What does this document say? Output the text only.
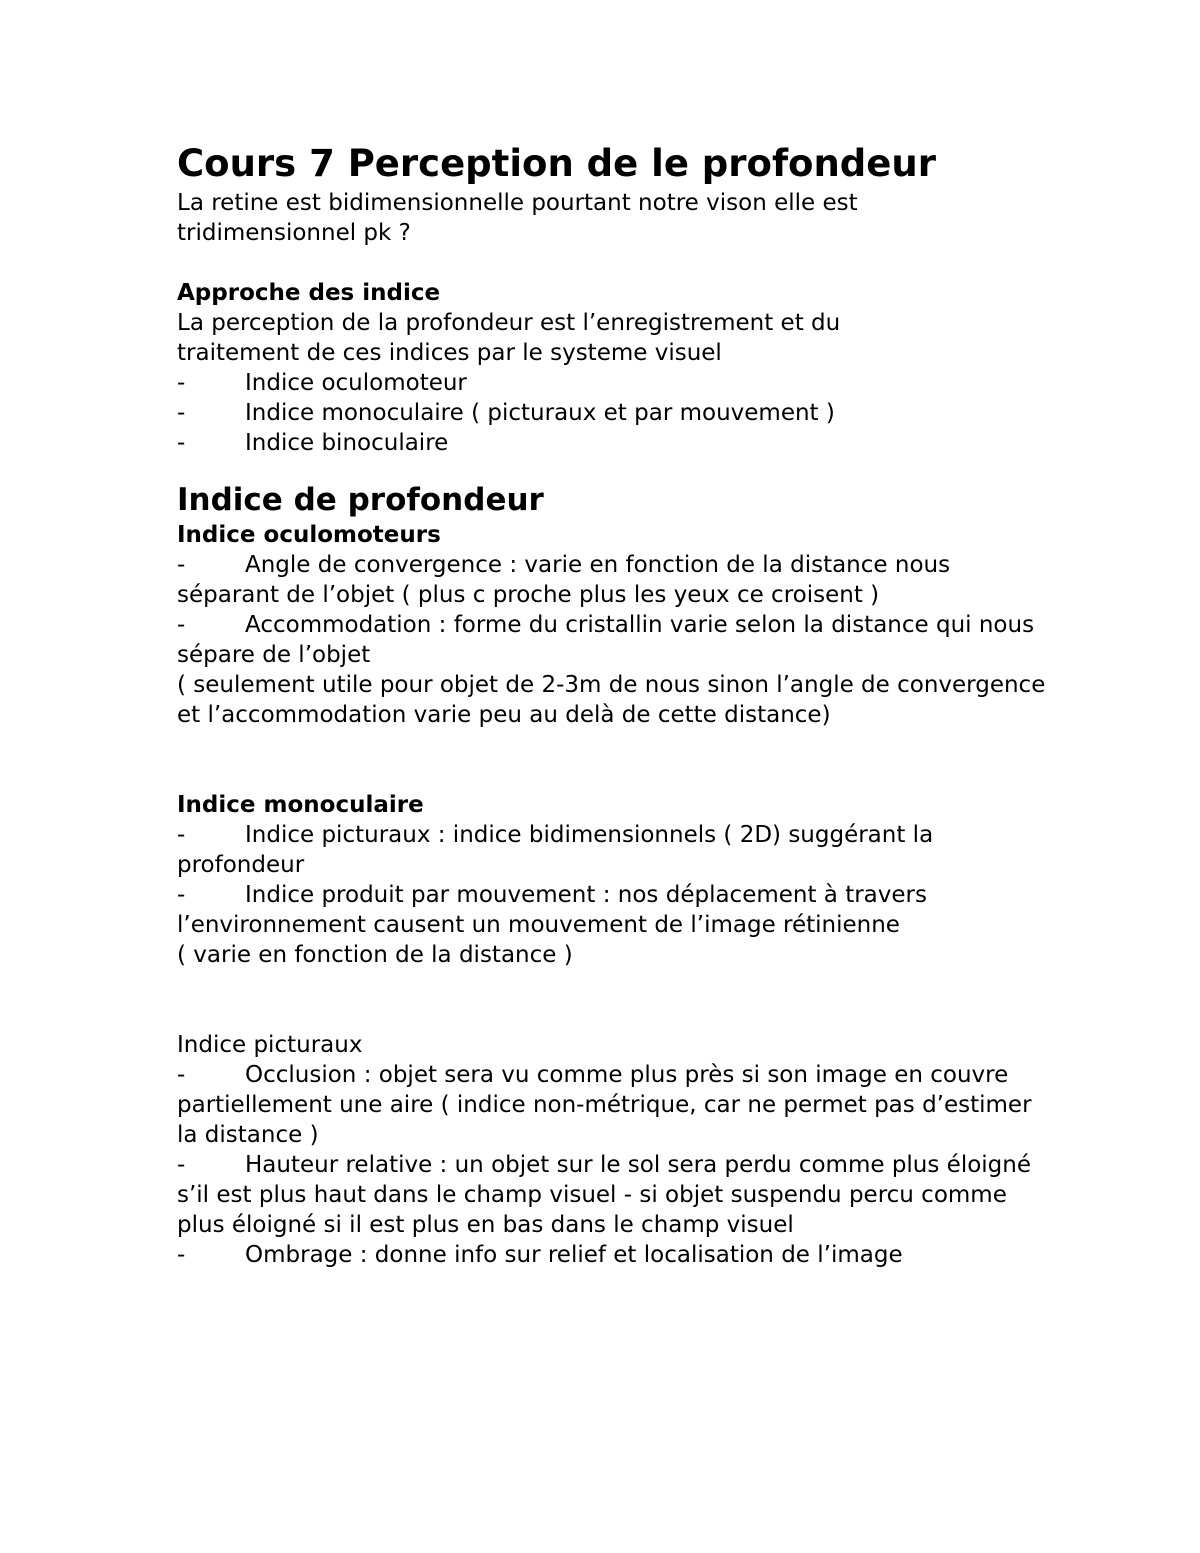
Cours 7 Perception de le profondeur
La retine est bidimensionnelle pourtant notre vison elle est
tridimensionnel pk ?
Approche des indice
La perception de la profondeur est l’enregistrement et du
traitement de ces indices par le systeme visuel
-	Indice oculomoteur
-	Indice monoculaire ( picturaux et par mouvement )
-	Indice binoculaire
Indice de profondeur
Indice oculomoteurs
-	Angle de convergence : varie en fonction de la distance nous séparant de l’objet ( plus c proche plus les yeux ce croisent )
-	Accommodation : forme du cristallin varie selon la distance qui nous sépare de l’objet
( seulement utile pour objet de 2-3m de nous sinon l’angle de convergence et l’accommodation varie peu au delà de cette distance)
Indice monoculaire
-	Indice picturaux : indice bidimensionnels ( 2D) suggérant la profondeur
-	Indice produit par mouvement : nos déplacement à travers l’environnement causent un mouvement de l’image rétinienne
( varie en fonction de la distance )
Indice picturaux
-	Occlusion : objet sera vu comme plus près si son image en couvre partiellement une aire ( indice non-métrique, car ne permet pas d’estimer la distance )
-	Hauteur relative : un objet sur le sol sera perdu comme plus éloigné s’il est plus haut dans le champ visuel - si objet suspendu percu comme plus éloigné si il est plus en bas dans le champ visuel
-	Ombrage : donne info sur relief et localisation de l’image
